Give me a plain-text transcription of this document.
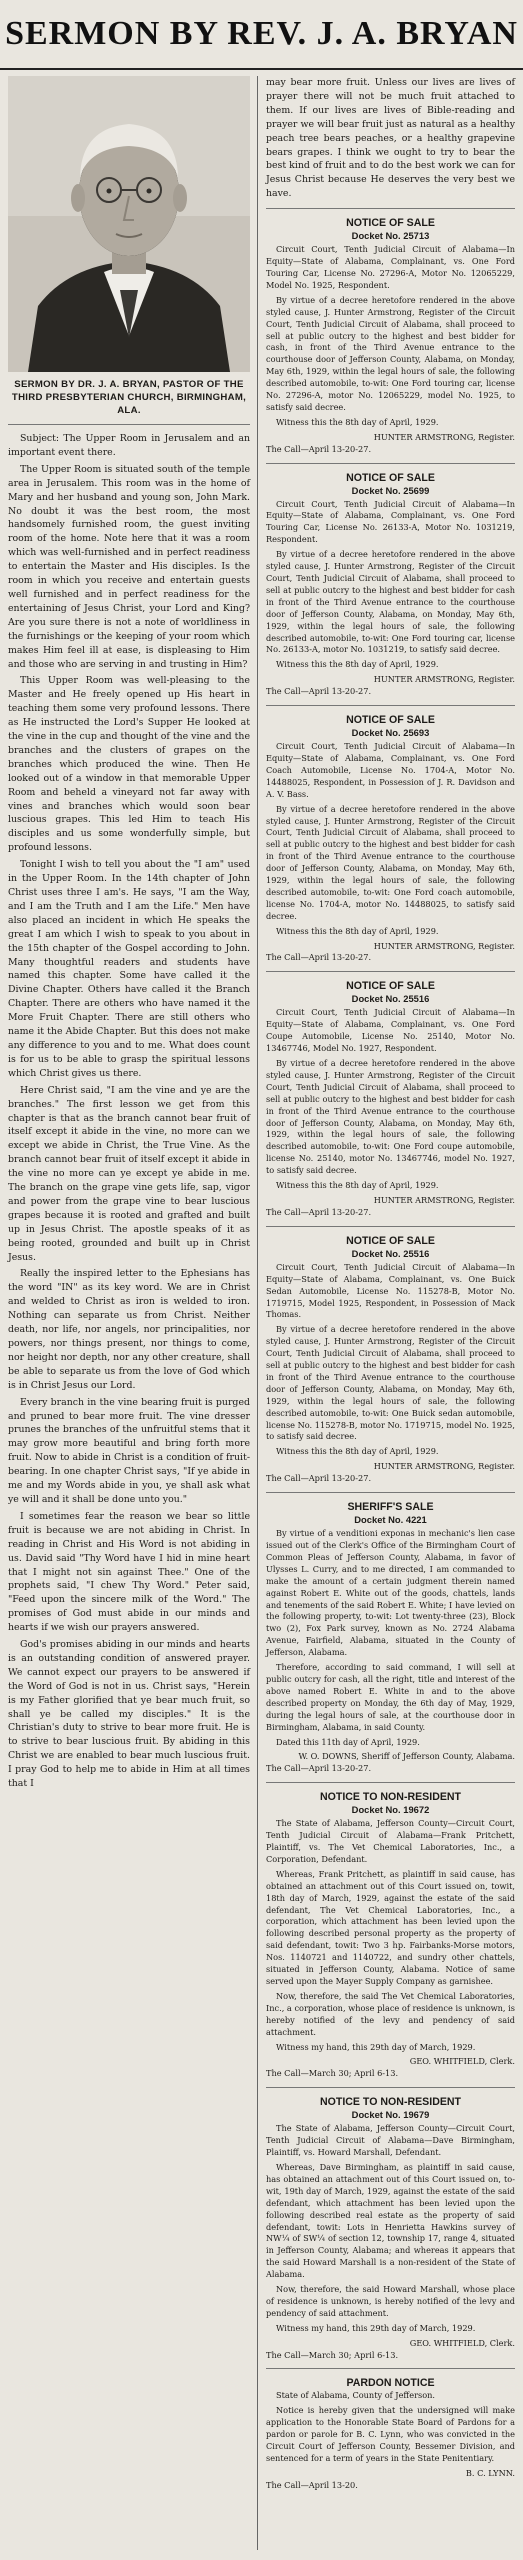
SERMON BY REV. J. A. BRYAN
SERMON BY DR. J. A. BRYAN, PASTOR OF THE THIRD PRESBYTERIAN CHURCH, BIRMINGHAM, ALA.

Subject: The Upper Room in Jerusalem and an important event there.

The Upper Room is situated south of the temple area in Jerusalem. This room was in the home of Mary and her husband and young son, John Mark. No doubt it was the best room, the most handsomely furnished room, the guest inviting room of the home. Note here that it was a room which was well-furnished and in perfect readiness to entertain the Master and His disciples. Is the room in which you receive and entertain guests well furnished and in perfect readiness for the entertaining of Jesus Christ, your Lord and King? Are you sure there is not a note of worldliness in the furnishings or the keeping of your room which makes Him feel ill at ease, is displeasing to Him and those who are serving in and trusting in Him?

This Upper Room was well-pleasing to the Master and He freely opened up His heart in teaching them some very profound lessons. There as He instructed the Lord's Supper He looked at the vine in the cup and thought of the vine and the branches and the clusters of grapes on the branches which produced the wine. Then He looked out of a window in that memorable Upper Room and beheld a vineyard not far away with vines and branches which would soon bear luscious grapes. This led Him to teach His disciples and us some wonderfully simple, but profound lessons.

Tonight I wish to tell you about the "I am" used in the Upper Room. In the 14th chapter of John Christ uses three I am's. He says, "I am the Way, and I am the Truth and I am the Life." Men have also placed an incident in which He speaks the great I am which I wish to speak to you about in the 15th chapter of the Gospel according to John. Many thoughtful readers and students have named this chapter. Some have called it the Divine Chapter. Others have called it the Branch Chapter. There are others who have named it the More Fruit Chapter. There are still others who name it the Abide Chapter. But this does not make any difference to you and to me. What does count is for us to be able to grasp the spiritual lessons which Christ gives us there.

Here Christ said, "I am the vine and ye are the branches." The first lesson we get from this chapter is that as the branch cannot bear fruit of itself except it abide in the vine, no more can we except we abide in Christ, the True Vine. As the branch cannot bear fruit of itself except it abide in the vine no more can ye except ye abide in me. The branch on the grape vine gets life, sap, vigor and power from the grape vine to bear luscious grapes because it is rooted and grafted and built up in Jesus Christ. The apostle speaks of it as being rooted, grounded and built up in Christ Jesus.

Really the inspired letter to the Ephesians has the word "IN" as its key word. We are in Christ and welded to Christ as iron is welded to iron. Nothing can separate us from Christ. Neither death, nor life, nor angels, nor principalities, nor powers, nor things present, nor things to come, nor height nor depth, nor any other creature, shall be able to separate us from the love of God which is in Christ Jesus our Lord.

Every branch in the vine bearing fruit is purged and pruned to bear more fruit. The vine dresser prunes the branches of the unfruitful stems that it may grow more beautiful and bring forth more fruit. Now to abide in Christ is a condition of fruit-bearing. In one chapter Christ says, "If ye abide in me and my Words abide in you, ye shall ask what ye will and it shall be done unto you."

I sometimes fear the reason we bear so little fruit is because we are not abiding in Christ. In reading in Christ and His Word is not abiding in us. David said "Thy Word have I hid in mine heart that I might not sin against Thee." One of the prophets said, "I chew Thy Word." Peter said, "Feed upon the sincere milk of the Word." The promises of God must abide in our minds and hearts if we wish our prayers answered.

God's promises abiding in our minds and hearts is an outstanding condition of answered prayer. We cannot expect our prayers to be answered if the Word of God is not in us. Christ says, "Herein is my Father glorified that ye bear much fruit, so shall ye be called my disciples." It is the Christian's duty to strive to bear more fruit. He is to strive to bear luscious fruit. By abiding in this Christ we are enabled to bear much luscious fruit. I pray God to help me to abide in Him at all times that I

may bear more fruit. Unless our lives are lives of prayer there will not be much fruit attached to them. If our lives are lives of Bible-reading and prayer we will bear fruit just as natural as a healthy peach tree bears peaches, or a healthy grapevine bears grapes. I think we ought to try to bear the best kind of fruit and to do the best work we can for Jesus Christ because He deserves the very best we have.

NOTICE OF SALE
Docket No. 25713

Circuit Court, Tenth Judicial Circuit of Alabama—In Equity—State of Alabama, Complainant, vs. One Ford Touring Car, License No. 27296-A, Motor No. 12065229, Model No. 1925, Respondent.

By virtue of a decree heretofore rendered in the above styled cause, J. Hunter Armstrong, Register of the Circuit Court, Tenth Judicial Circuit of Alabama, shall proceed to sell at public outcry to the highest and best bidder for cash, in front of the Third Avenue entrance to the courthouse door of Jefferson County, Alabama, on Monday, May 6th, 1929, within the legal hours of sale, the following described automobile, to-wit: One Ford touring car, license No. 27296-A, motor No. 12065229, model No. 1925, to satisfy said decree.

Witness this the 8th day of April, 1929.

HUNTER ARMSTRONG, Register.
The Call—April 13-20-27.
NOTICE OF SALE
Docket No. 25699

Circuit Court, Tenth Judicial Circuit of Alabama—In Equity—State of Alabama, Complainant, vs. One Ford Touring Car, License No. 26133-A, Motor No. 1031219, Respondent.

By virtue of a decree heretofore rendered in the above styled cause, J. Hunter Armstrong, Register of the Circuit Court, Tenth Judicial Circuit of Alabama, shall proceed to sell at public outcry to the highest and best bidder for cash in front of the Third Avenue entrance to the courthouse door of Jefferson County, Alabama, on Monday, May 6th, 1929, within the legal hours of sale, the following described automobile, to-wit: One Ford touring car, license No. 26133-A, motor No. 1031219, to satisfy said decree.

Witness this the 8th day of April, 1929.

HUNTER ARMSTRONG, Register.
The Call—April 13-20-27.
NOTICE OF SALE
Docket No. 25693

Circuit Court, Tenth Judicial Circuit of Alabama—In Equity—State of Alabama, Complainant, vs. One Ford Coach Automobile, License No. 1704-A, Motor No. 14488025, Respondent, in Possession of J. R. Davidson and A. V. Bass.

By virtue of a decree heretofore rendered in the above styled cause, J. Hunter Armstrong, Register of the Circuit Court, Tenth Judicial Circuit of Alabama, shall proceed to sell at public outcry to the highest and best bidder for cash in front of the Third Avenue entrance to the courthouse door of Jefferson County, Alabama, on Monday, May 6th, 1929, within the legal hours of sale, the following described automobile, to-wit: One Ford coach automobile, license No. 1704-A, motor No. 14488025, to satisfy said decree.

Witness this the 8th day of April, 1929.

HUNTER ARMSTRONG, Register.
The Call—April 13-20-27.
NOTICE OF SALE
Docket No. 25516

Circuit Court, Tenth Judicial Circuit of Alabama—In Equity—State of Alabama, Complainant, vs. One Ford Coupe Automobile, License No. 25140, Motor No. 13467746, Model No. 1927, Respondent.

By virtue of a decree heretofore rendered in the above styled cause, J. Hunter Armstrong, Register of the Circuit Court, Tenth Judicial Circuit of Alabama, shall proceed to sell at public outcry to the highest and best bidder for cash in front of the Third Avenue entrance to the courthouse door of Jefferson County, Alabama, on Monday, May 6th, 1929, within the legal hours of sale, the following described automobile, to-wit: One Ford coupe automobile, license No. 25140, motor No. 13467746, model No. 1927, to satisfy said decree.

Witness this the 8th day of April, 1929.

HUNTER ARMSTRONG, Register.
The Call—April 13-20-27.
NOTICE OF SALE
Docket No. 25516

Circuit Court, Tenth Judicial Circuit of Alabama—In Equity—State of Alabama, Complainant, vs. One Buick Sedan Automobile, License No. 115278-B, Motor No. 1719715, Model 1925, Respondent, in Possession of Mack Thomas.

By virtue of a decree heretofore rendered in the above styled cause, J. Hunter Armstrong, Register of the Circuit Court, Tenth Judicial Circuit of Alabama, shall proceed to sell at public outcry to the highest and best bidder for cash in front of the Third Avenue entrance to the courthouse door of Jefferson County, Alabama, on Monday, May 6th, 1929, within the legal hours of sale, the following described automobile, to-wit: One Buick sedan automobile, license No. 115278-B, motor No. 1719715, model No. 1925, to satisfy said decree.

Witness this the 8th day of April, 1929.

HUNTER ARMSTRONG, Register.
The Call—April 13-20-27.
SHERIFF'S SALE
Docket No. 4221

By virtue of a venditioni exponas in mechanic's lien case issued out of the Clerk's Office of the Birmingham Court of Common Pleas of Jefferson County, Alabama, in favor of Ulysses L. Curry, and to me directed, I am commanded to make the amount of a certain judgment therein named against Robert E. White out of the goods, chattels, lands and tenements of the said Robert E. White; I have levied on the following property, to-wit: Lot twenty-three (23), Block two (2), Fox Park survey, known as No. 2724 Alabama Avenue, Fairfield, Alabama, situated in the County of Jefferson, Alabama.

Therefore, according to said command, I will sell at public outcry for cash, all the right, title and interest of the above named Robert E. White in and to the above described property on Monday, the 6th day of May, 1929, during the legal hours of sale, at the courthouse door in Birmingham, Alabama, in said County.

Dated this 11th day of April, 1929.

W. O. DOWNS, Sheriff of Jefferson County, Alabama.
The Call—April 13-20-27.
NOTICE TO NON-RESIDENT
Docket No. 19672

The State of Alabama, Jefferson County—Circuit Court, Tenth Judicial Circuit of Alabama—Frank Pritchett, Plaintiff, vs. The Vet Chemical Laboratories, Inc., a Corporation, Defendant.

Whereas, Frank Pritchett, as plaintiff in said cause, has obtained an attachment out of this Court issued on, towit, 18th day of March, 1929, against the estate of the said defendant, The Vet Chemical Laboratories, Inc., a corporation, which attachment has been levied upon the following described personal property as the property of said defendant, towit: Two 3 hp. Fairbanks-Morse motors, Nos. 1140721 and 1140722, and sundry other chattels, situated in Jefferson County, Alabama. Notice of same served upon the Mayer Supply Company as garnishee.

Now, therefore, the said The Vet Chemical Laboratories, Inc., a corporation, whose place of residence is unknown, is hereby notified of the levy and pendency of said attachment.

Witness my hand, this 29th day of March, 1929.

GEO. WHITFIELD, Clerk.
The Call—March 30; April 6-13.
NOTICE TO NON-RESIDENT
Docket No. 19679

The State of Alabama, Jefferson County—Circuit Court, Tenth Judicial Circuit of Alabama—Dave Birmingham, Plaintiff, vs. Howard Marshall, Defendant.

Whereas, Dave Birmingham, as plaintiff in said cause, has obtained an attachment out of this Court issued on, to-wit, 19th day of March, 1929, against the estate of the said defendant, which attachment has been levied upon the following described real estate as the property of said defendant, towit: Lots in Henrietta Hawkins survey of NW¼ of SW¼ of section 12, township 17, range 4, situated in Jefferson County, Alabama; and whereas it appears that the said Howard Marshall is a non-resident of the State of Alabama.

Now, therefore, the said Howard Marshall, whose place of residence is unknown, is hereby notified of the levy and pendency of said attachment.

Witness my hand, this 29th day of March, 1929.

GEO. WHITFIELD, Clerk.
The Call—March 30; April 6-13.
PARDON NOTICE

State of Alabama, County of Jefferson.

Notice is hereby given that the undersigned will make application to the Honorable State Board of Pardons for a pardon or parole for B. C. Lynn, who was convicted in the Circuit Court of Jefferson County, Bessemer Division, and sentenced for a term of years in the State Penitentiary.

B. C. LYNN.
The Call—April 13-20.
